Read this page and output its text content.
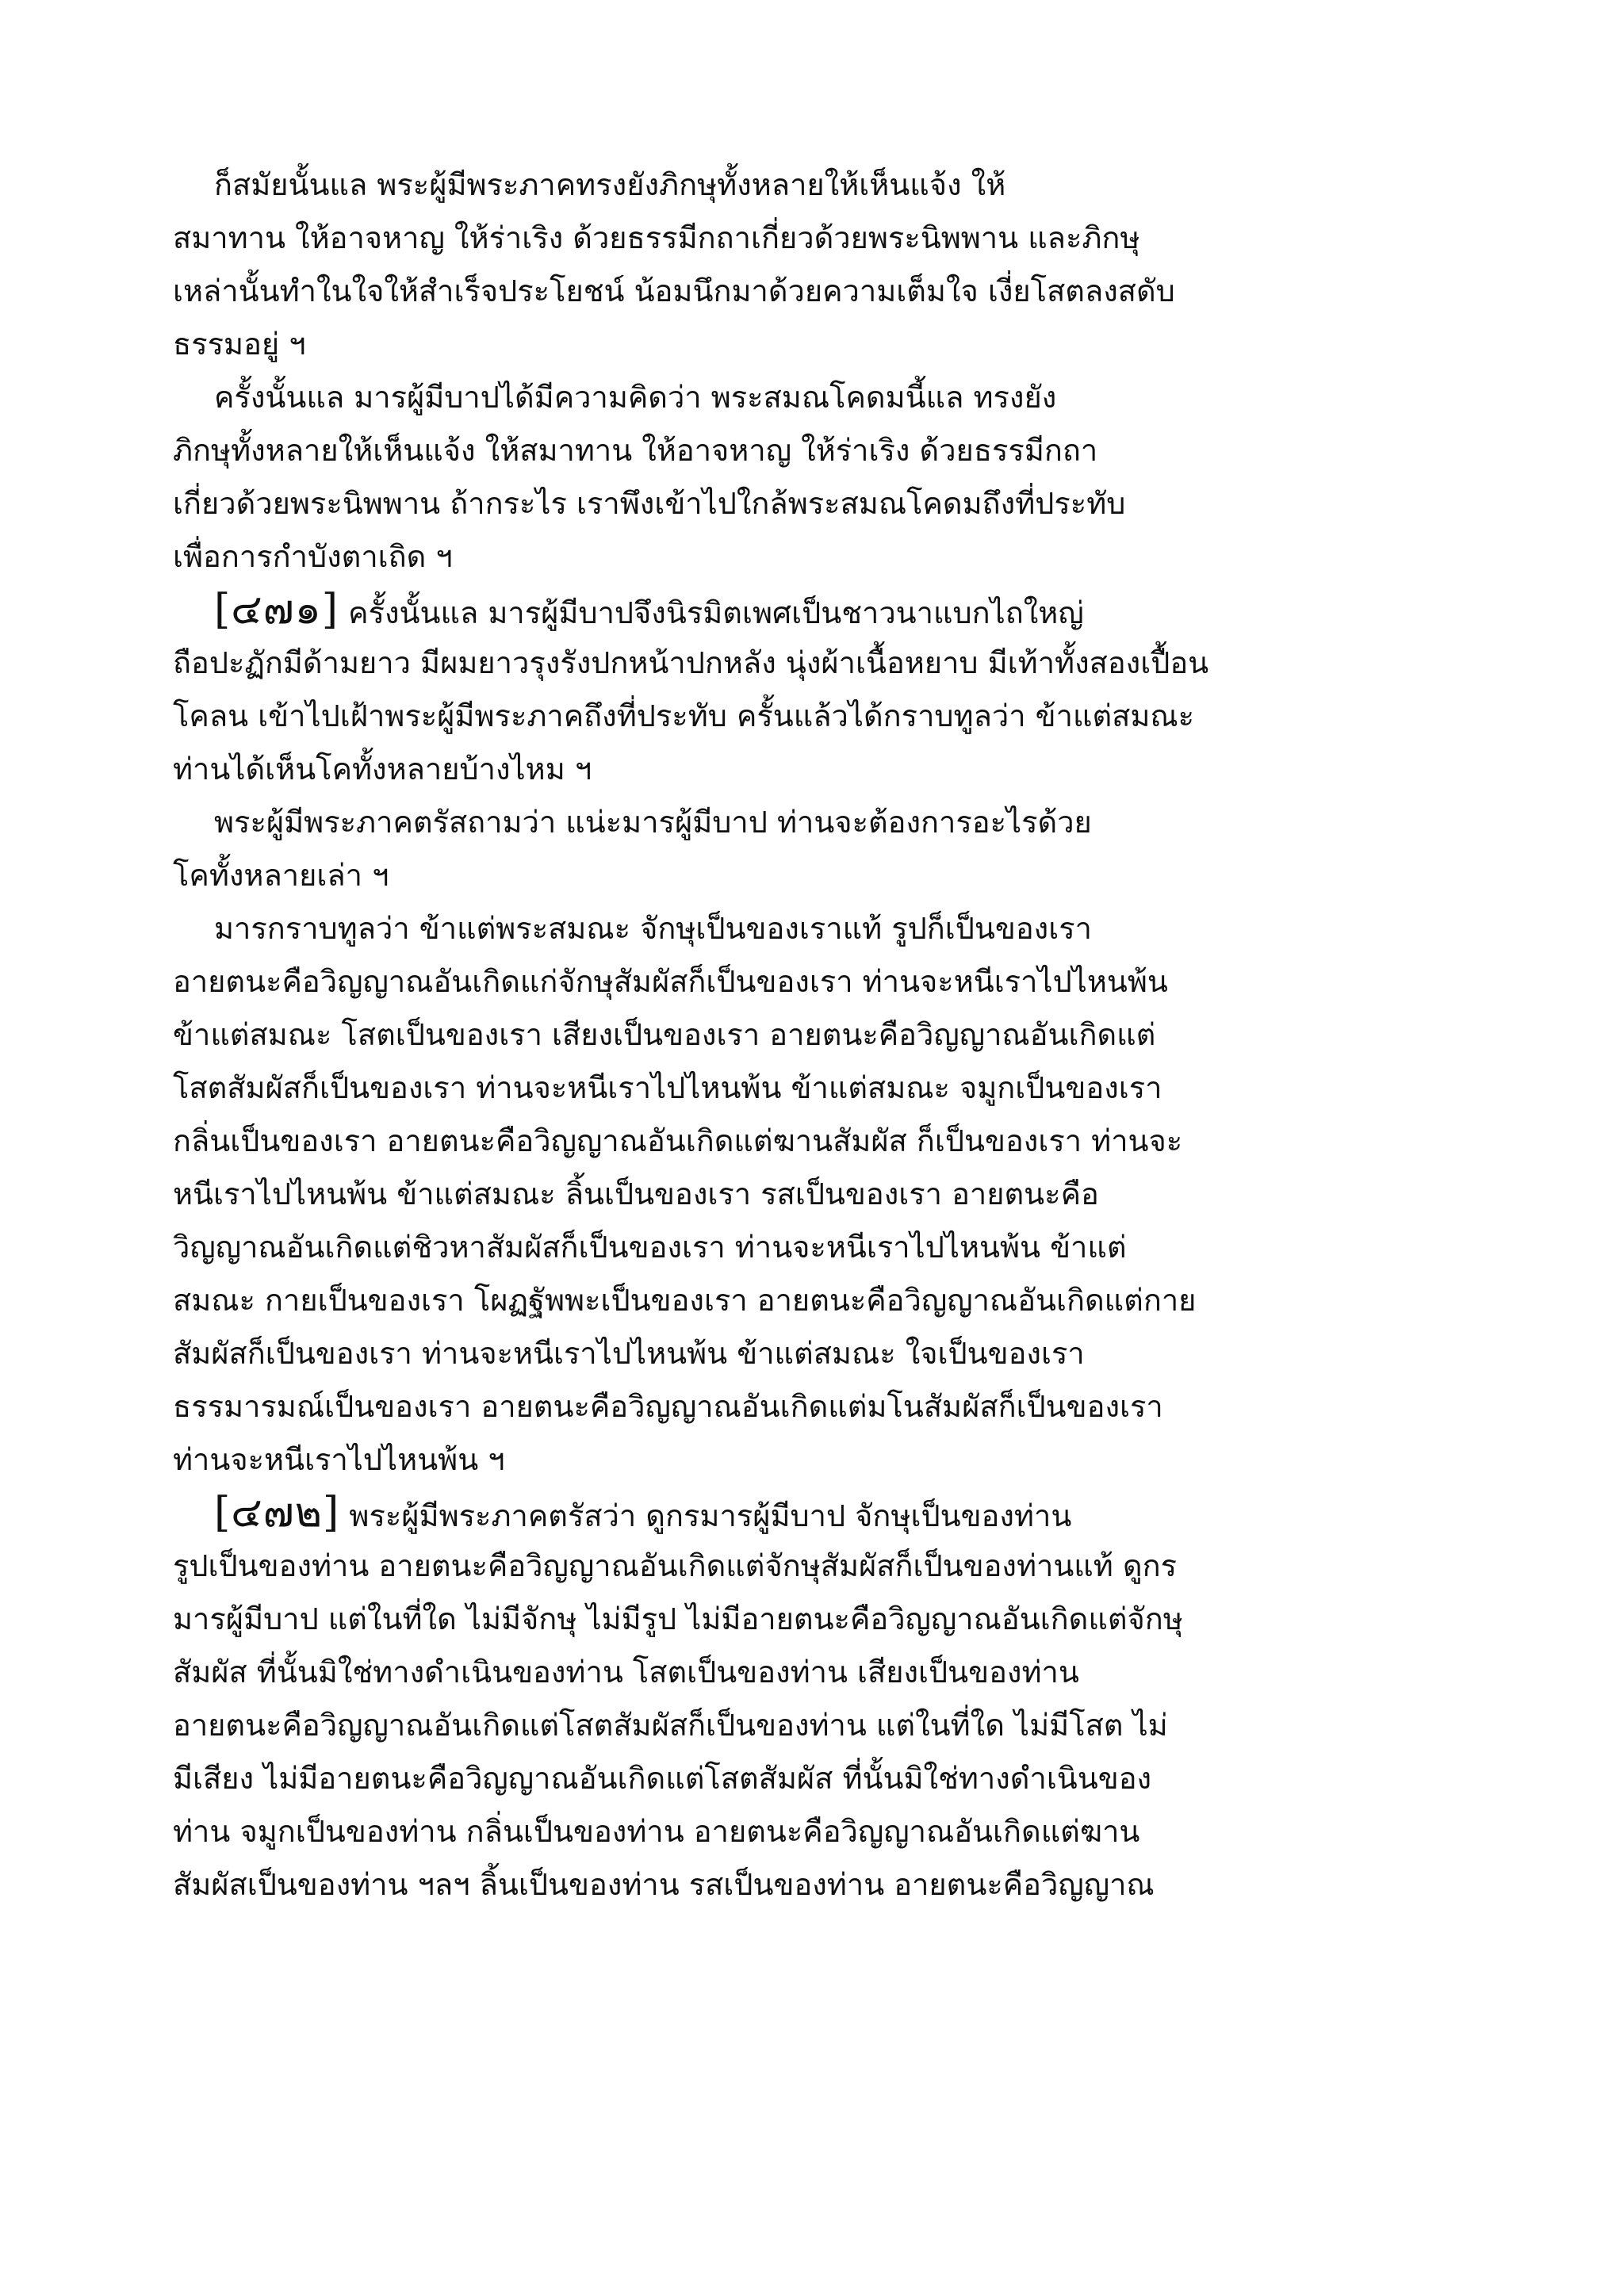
ก็สมัยนั้นแล พระผู้มีพระภาคทรงยังภิกษุทั้งหลายให้เห็นแจ้ง ให้
สมาทาน ให้อาจหาญ ให้ร่าเริง ด้วยธรรมีกถาเกี่ยวด้วยพระนิพพาน และภิกษุ
เหล่านั้นทำในใจให้สำเร็จประโยชน์ น้อมนึกมาด้วยความเต็มใจ เงี่ยโสตลงสดับ
ธรรมอยู่ ฯ
ครั้งนั้นแล มารผู้มีบาปได้มีความคิดว่า พระสมณโคดมนี้แล ทรงยัง
ภิกษุทั้งหลายให้เห็นแจ้ง ให้สมาทาน ให้อาจหาญ ให้ร่าเริง ด้วยธรรมีกถา
เกี่ยวด้วยพระนิพพาน ถ้ากระไร เราพึงเข้าไปใกล้พระสมณโคดมถึงที่ประทับ
เพื่อการกำบังตาเถิด ฯ
[๔๗๑] ครั้งนั้นแล มารผู้มีบาปจึงนิรมิตเพศเป็นชาวนาแบกไถใหญ่
ถือปะฏักมีด้ามยาว มีผมยาวรุงรังปกหน้าปกหลัง นุ่งผ้าเนื้อหยาบ มีเท้าทั้งสองเปื้อน
โคลน เข้าไปเฝ้าพระผู้มีพระภาคถึงที่ประทับ ครั้นแล้วได้กราบทูลว่า ข้าแต่สมณะ
ท่านได้เห็นโคทั้งหลายบ้างไหม ฯ
พระผู้มีพระภาคตรัสถามว่า แน่ะมารผู้มีบาป ท่านจะต้องการอะไรด้วย
โคทั้งหลายเล่า ฯ
มารกราบทูลว่า ข้าแต่พระสมณะ จักษุเป็นของเราแท้ รูปก็เป็นของเรา
อายตนะคือวิญญาณอันเกิดแก่จักษุสัมผัสก็เป็นของเรา ท่านจะหนีเราไปไหนพ้น
ข้าแต่สมณะ โสตเป็นของเรา เสียงเป็นของเรา อายตนะคือวิญญาณอันเกิดแต่
โสตสัมผัสก็เป็นของเรา ท่านจะหนีเราไปไหนพ้น ข้าแต่สมณะ จมูกเป็นของเรา
กลิ่นเป็นของเรา อายตนะคือวิญญาณอันเกิดแต่ฆานสัมผัส ก็เป็นของเรา ท่านจะ
หนีเราไปไหนพ้น ข้าแต่สมณะ ลิ้นเป็นของเรา รสเป็นของเรา อายตนะคือ
วิญญาณอันเกิดแต่ชิวหาสัมผัสก็เป็นของเรา ท่านจะหนีเราไปไหนพ้น ข้าแต่
สมณะ กายเป็นของเรา โผฏฐัพพะเป็นของเรา อายตนะคือวิญญาณอันเกิดแต่กาย
สัมผัสก็เป็นของเรา ท่านจะหนีเราไปไหนพ้น ข้าแต่สมณะ ใจเป็นของเรา
ธรรมารมณ์เป็นของเรา อายตนะคือวิญญาณอันเกิดแต่มโนสัมผัสก็เป็นของเรา
ท่านจะหนีเราไปไหนพ้น ฯ
[๔๗๒] พระผู้มีพระภาคตรัสว่า ดูกรมารผู้มีบาป จักษุเป็นของท่าน
รูปเป็นของท่าน อายตนะคือวิญญาณอันเกิดแต่จักษุสัมผัสก็เป็นของท่านแท้ ดูกร
มารผู้มีบาป แต่ในที่ใด ไม่มีจักษุ ไม่มีรูป ไม่มีอายตนะคือวิญญาณอันเกิดแต่จักษุ
สัมผัส ที่นั้นมิใช่ทางดำเนินของท่าน โสตเป็นของท่าน เสียงเป็นของท่าน
อายตนะคือวิญญาณอันเกิดแต่โสตสัมผัสก็เป็นของท่าน แต่ในที่ใด ไม่มีโสต ไม่
มีเสียง ไม่มีอายตนะคือวิญญาณอันเกิดแต่โสตสัมผัส ที่นั้นมิใช่ทางดำเนินของ
ท่าน จมูกเป็นของท่าน กลิ่นเป็นของท่าน อายตนะคือวิญญาณอันเกิดแต่ฆาน
สัมผัสเป็นของท่าน ฯลฯ ลิ้นเป็นของท่าน รสเป็นของท่าน อายตนะคือวิญญาณ
